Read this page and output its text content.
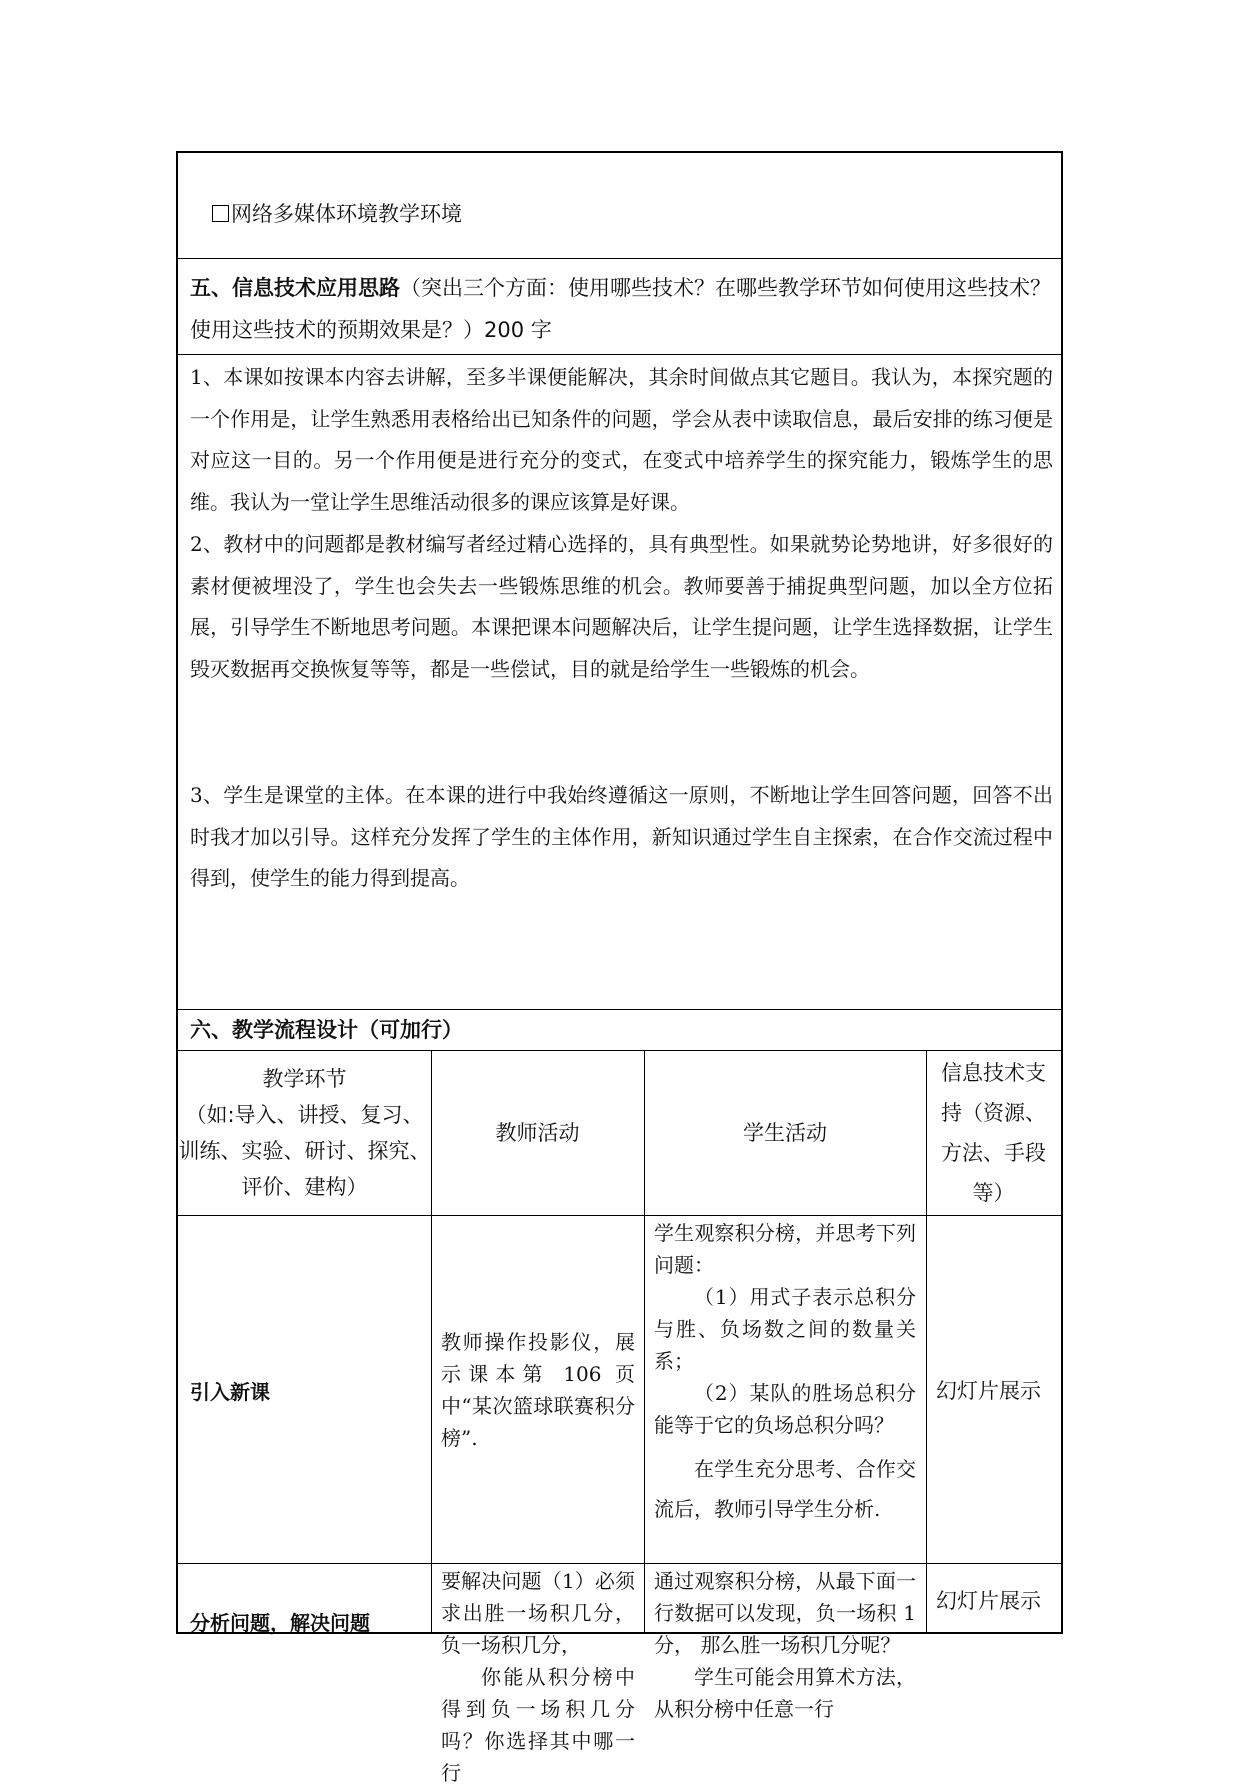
网络多媒体环境教学环境
五、信息技术应用思路（突出三个方面：使用哪些技术？在哪些教学环节如何使用这些技术？使用这些技术的预期效果是？）200 字
1、本课如按课本内容去讲解，至多半课便能解决，其余时间做点其它题目。我认为，本探究题的一个作用是，让学生熟悉用表格给出已知条件的问题，学会从表中读取信息，最后安排的练习便是对应这一目的。另一个作用便是进行充分的变式，在变式中培养学生的探究能力，锻炼学生的思维。我认为一堂让学生思维活动很多的课应该算是好课。
2、教材中的问题都是教材编写者经过精心选择的，具有典型性。如果就势论势地讲，好多很好的素材便被埋没了，学生也会失去一些锻炼思维的机会。教师要善于捕捉典型问题，加以全方位拓展，引导学生不断地思考问题。本课把课本问题解决后，让学生提问题，让学生选择数据，让学生毁灭数据再交换恢复等等，都是一些偿试，目的就是给学生一些锻炼的机会。
3、学生是课堂的主体。在本课的进行中我始终遵循这一原则，不断地让学生回答问题，回答不出时我才加以引导。这样充分发挥了学生的主体作用，新知识通过学生自主探索，在合作交流过程中得到，使学生的能力得到提高。
六、教学流程设计（可加行）
教学环节
（如:导入、讲授、复习、
训练、实验、研讨、探究、
评价、建构）
教师活动	学生活动
信息技术支
持（资源、
方法、手段
等）
引入新课
教师操作投影仪，展示课本第 106 页中“某次篮球联赛积分榜”.
学生观察积分榜，并思考下列问题：
（1）用式子表示总积分与胜、负场数之间的数量关系；
（2）某队的胜场总积分能等于它的负场总积分吗？
在学生充分思考、合作交流后，教师引导学生分析.
幻灯片展示
分析问题，解决问题
要解决问题（1）必须求出胜一场积几分，负一场积几分，
你能从积分榜中得到负一场积几分吗？你选择其中哪一行
通过观察积分榜，从最下面一行数据可以发现，负一场积 1 分， 那么胜一场积几分呢？
学生可能会用算术方法，从积分榜中任意一行
幻灯片展示
